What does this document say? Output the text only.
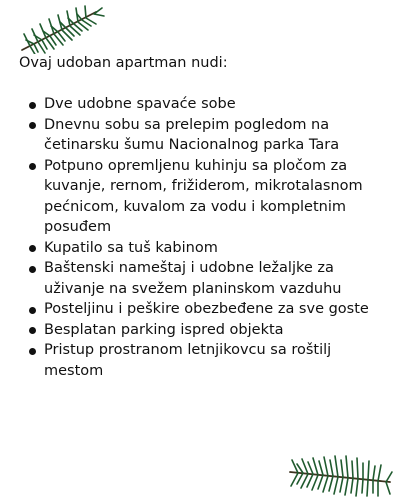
Ovaj udoban apartman nudi:
Dve udobne spavaće sobe
Dnevnu sobu sa prelepim pogledom na četinarsku šumu Nacionalnog parka Tara
Potpuno opremljenu kuhinju sa pločom za kuvanje, rernom, frižiderom, mikrotalasnom pećnicom, kuvalom za vodu i kompletnim posuđem
Kupatilo sa tuš kabinom
Baštenski nameštaj i udobne ležaljke za uživanje na svežem planinskom vazduhu
Posteljinu i peškire obezbeđene za sve goste
Besplatan parking ispred objekta
Pristup prostranom letnjikovcu sa roštilj mestom
